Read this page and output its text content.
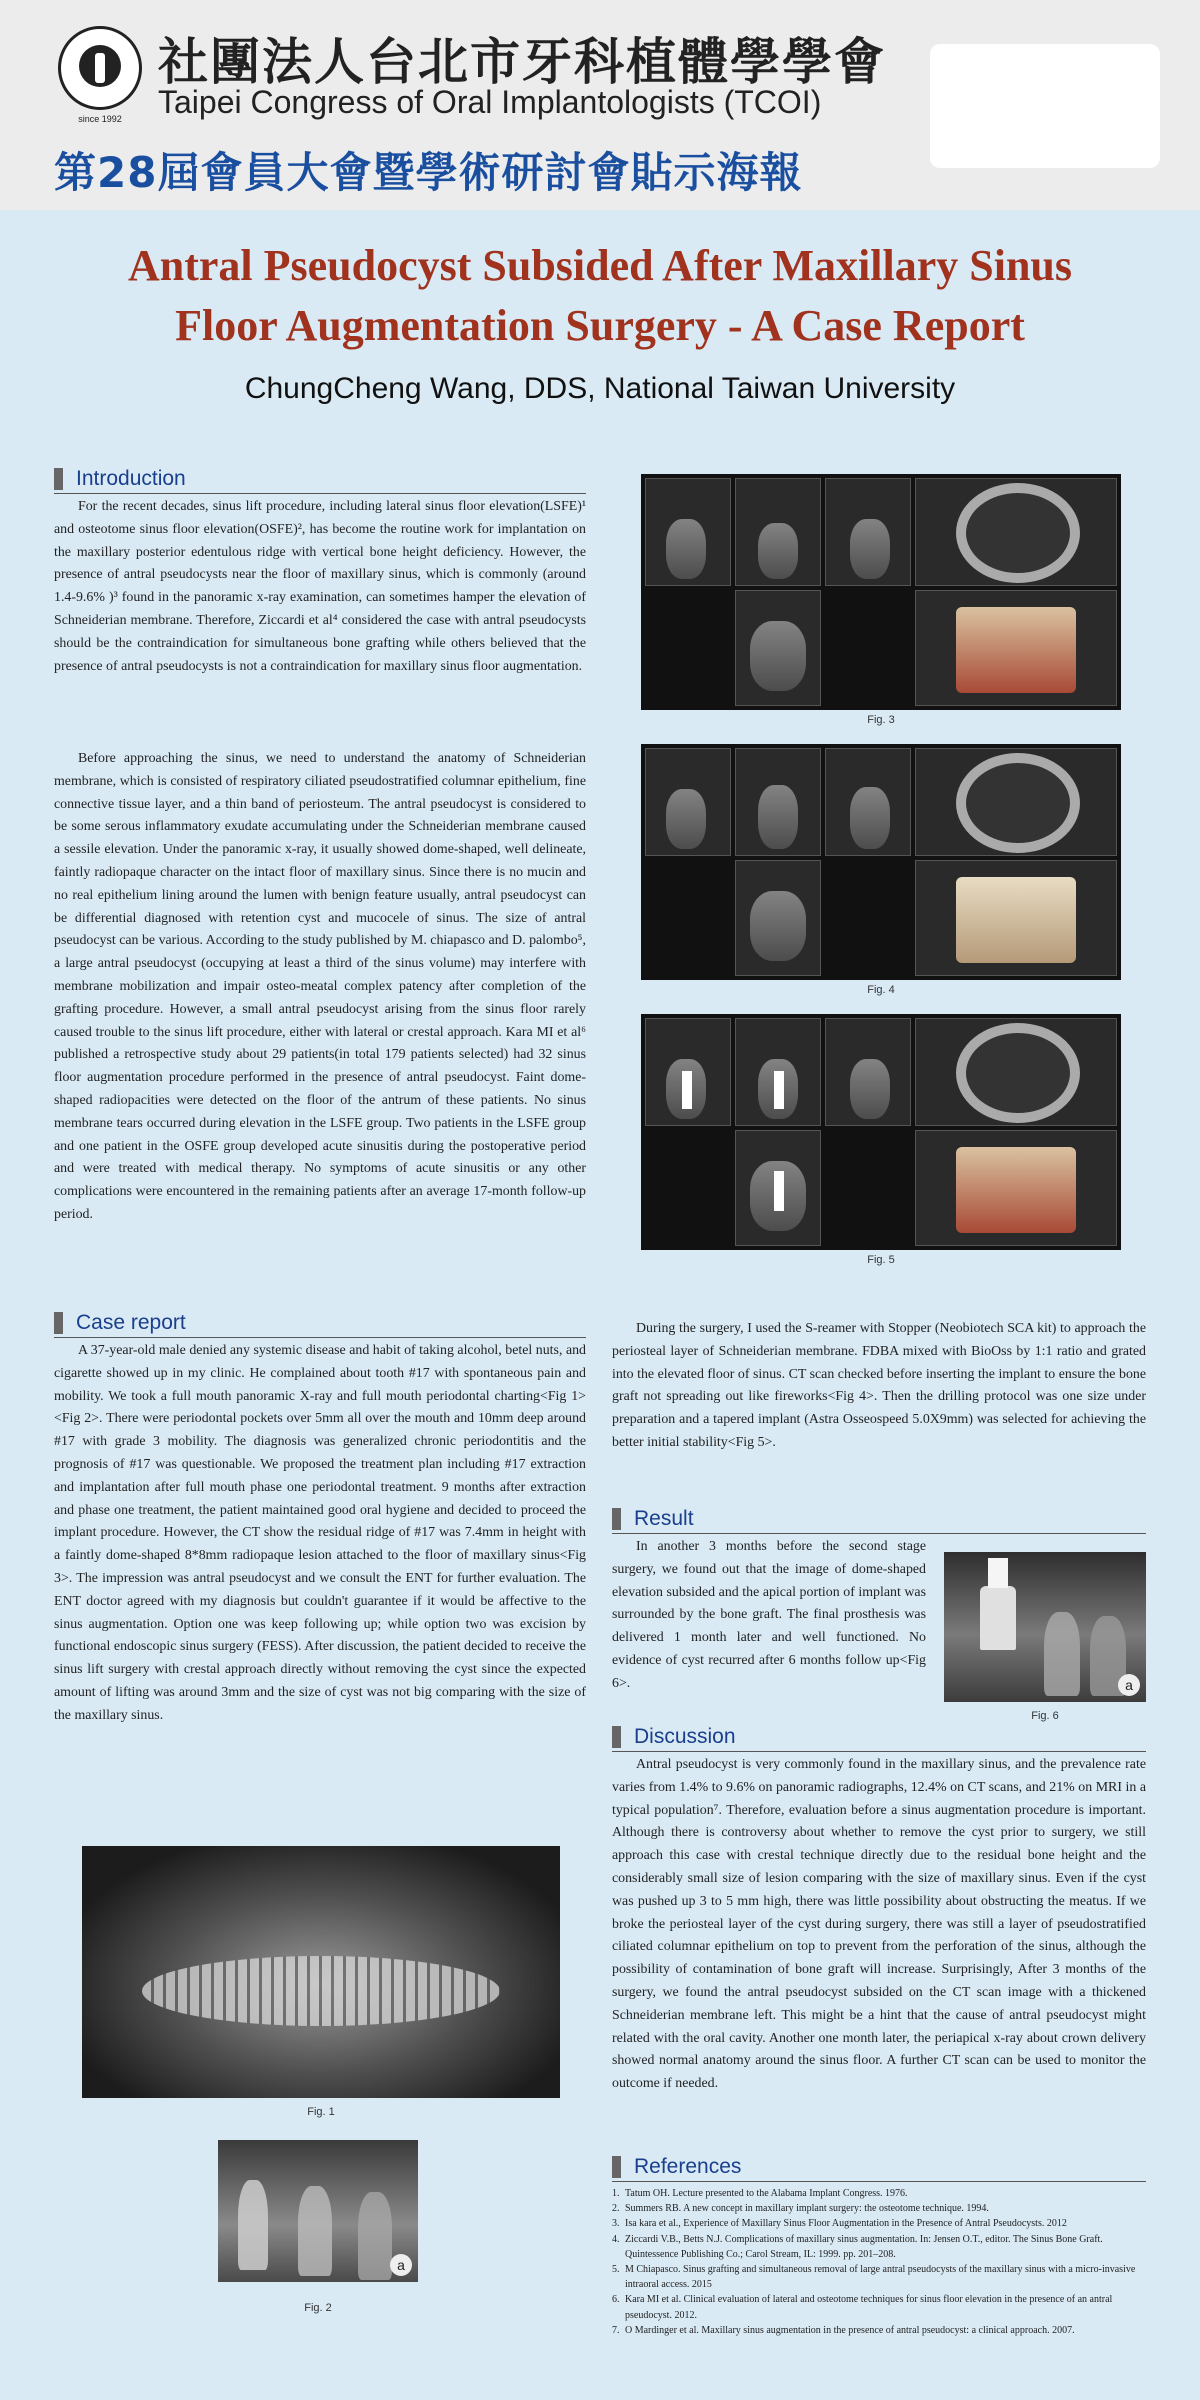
since 1992
社團法人台北市牙科植體學學會
Taipei Congress of Oral Implantologists (TCOI)
第28屆會員大會暨學術研討會貼示海報
Antral Pseudocyst Subsided After Maxillary Sinus
Floor Augmentation Surgery - A Case Report
ChungCheng Wang, DDS, National Taiwan University
Introduction
For the recent decades, sinus lift procedure, including lateral sinus floor elevation(LSFE)¹ and osteotome sinus floor elevation(OSFE)², has become the routine work for implantation on the maxillary posterior edentulous ridge with vertical bone height deficiency. However, the presence of antral pseudocysts near the floor of maxillary sinus, which is commonly (around 1.4-9.6% )³ found in the panoramic x-ray examination, can sometimes hamper the elevation of Schneiderian membrane. Therefore, Ziccardi et al⁴ considered the case with antral pseudocysts should be the contraindication for simultaneous bone grafting while others believed that the presence of antral pseudocysts is not a contraindication for maxillary sinus floor augmentation.
Before approaching the sinus, we need to understand the anatomy of Schneiderian membrane, which is consisted of respiratory ciliated pseudostratified columnar epithelium, fine connective tissue layer, and a thin band of periosteum. The antral pseudocyst is considered to be some serous inflammatory exudate accumulating under the Schneiderian membrane caused a sessile elevation. Under the panoramic x-ray, it usually showed dome-shaped, well delineate, faintly radiopaque character on the intact floor of maxillary sinus. Since there is no mucin and no real epithelium lining around the lumen with benign feature usually, antral pseudocyst can be differential diagnosed with retention cyst and mucocele of sinus. The size of antral pseudocyst can be various. According to the study published by M. chiapasco and D. palombo⁵, a large antral pseudocyst (occupying at least a third of the sinus volume) may interfere with membrane mobilization and impair osteo-meatal complex patency after completion of the grafting procedure. However, a small antral pseudocyst arising from the sinus floor rarely caused trouble to the sinus lift procedure, either with lateral or crestal approach. Kara MI et al⁶ published a retrospective study about 29 patients(in total 179 patients selected) had 32 sinus floor augmentation procedure performed in the presence of antral pseudocyst. Faint dome-shaped radiopacities were detected on the floor of the antrum of these patients. No sinus membrane tears occurred during elevation in the LSFE group. Two patients in the LSFE group and one patient in the OSFE group developed acute sinusitis during the postoperative period and were treated with medical therapy. No symptoms of acute sinusitis or any other complications were encountered in the remaining patients after an average 17-month follow-up period.
Case report
A 37-year-old male denied any systemic disease and habit of taking alcohol, betel nuts, and cigarette showed up in my clinic. He complained about tooth #17 with spontaneous pain and mobility. We took a full mouth panoramic X-ray and full mouth periodontal charting<Fig 1><Fig 2>. There were periodontal pockets over 5mm all over the mouth and 10mm deep around #17 with grade 3 mobility. The diagnosis was generalized chronic periodontitis and the prognosis of #17 was questionable. We proposed the treatment plan including #17 extraction and implantation after full mouth phase one periodontal treatment. 9 months after extraction and phase one treatment, the patient maintained good oral hygiene and decided to proceed the implant procedure. However, the CT show the residual ridge of #17 was 7.4mm in height with a faintly dome-shaped 8*8mm radiopaque lesion attached to the floor of maxillary sinus<Fig 3>. The impression was antral pseudocyst and we consult the ENT for further evaluation. The ENT doctor agreed with my diagnosis but couldn't guarantee if it would be affective to the sinus augmentation. Option one was keep following up; while option two was excision by functional endoscopic sinus surgery (FESS). After discussion, the patient decided to receive the sinus lift surgery with crestal approach directly without removing the cyst since the expected amount of lifting was around 3mm and the size of cyst was not big comparing with the size of the maxillary sinus.
Fig. 1
a
Fig. 2
Fig. 3
Fig. 4
Fig. 5
During the surgery, I used the S-reamer with Stopper (Neobiotech SCA kit) to approach the periosteal layer of Schneiderian membrane. FDBA mixed with BioOss by 1:1 ratio and grated into the elevated floor of sinus. CT scan checked before inserting the implant to ensure the bone graft not spreading out like fireworks<Fig 4>. Then the drilling protocol was one size under preparation and a tapered implant (Astra Osseospeed 5.0X9mm) was selected for achieving the better initial stability<Fig 5>.
Result
In another 3 months before the second stage surgery, we found out that the image of dome-shaped elevation subsided and the apical portion of implant was surrounded by the bone graft. The final prosthesis was delivered 1 month later and well functioned. No evidence of cyst recurred after 6 months follow up<Fig 6>.	a
Fig. 6
Discussion
Antral pseudocyst is very commonly found in the maxillary sinus, and the prevalence rate varies from 1.4% to 9.6% on panoramic radiographs, 12.4% on CT scans, and 21% on MRI in a typical population⁷. Therefore, evaluation before a sinus augmentation procedure is important. Although there is controversy about whether to remove the cyst prior to surgery, we still approach this case with crestal technique directly due to the residual bone height and the considerably small size of lesion comparing with the size of maxillary sinus. Even if the cyst was pushed up 3 to 5 mm high, there was little possibility about obstructing the meatus. If we broke the periosteal layer of the cyst during surgery, there was still a layer of pseudostratified ciliated columnar epithelium on top to prevent from the perforation of the sinus, although the possibility of contamination of bone graft will increase. Surprisingly, After 3 months of the surgery, we found the antral pseudocyst subsided on the CT scan image with a thickened Schneiderian membrane left. This might be a hint that the cause of antral pseudocyst might related with the oral cavity. Another one month later, the periapical x-ray about crown delivery showed normal anatomy around the sinus floor. A further CT scan can be used to monitor the outcome if needed.
References
1. Tatum OH. Lecture presented to the Alabama Implant Congress. 1976.
2. Summers RB. A new concept in maxillary implant surgery: the osteotome technique. 1994.
3. Isa kara et al., Experience of Maxillary Sinus Floor Augmentation in the Presence of Antral Pseudocysts. 2012
4. Ziccardi V.B., Betts N.J. Complications of maxillary sinus augmentation. In: Jensen O.T., editor. The Sinus Bone Graft. Quintessence Publishing Co.; Carol Stream, IL: 1999. pp. 201–208.
5. M Chiapasco. Sinus grafting and simultaneous removal of large antral pseudocysts of the maxillary sinus with a micro-invasive intraoral access. 2015
6. Kara MI et al. Clinical evaluation of lateral and osteotome techniques for sinus floor elevation in the presence of an antral pseudocyst. 2012.
7. O Mardinger et al. Maxillary sinus augmentation in the presence of antral pseudocyst: a clinical approach. 2007.
